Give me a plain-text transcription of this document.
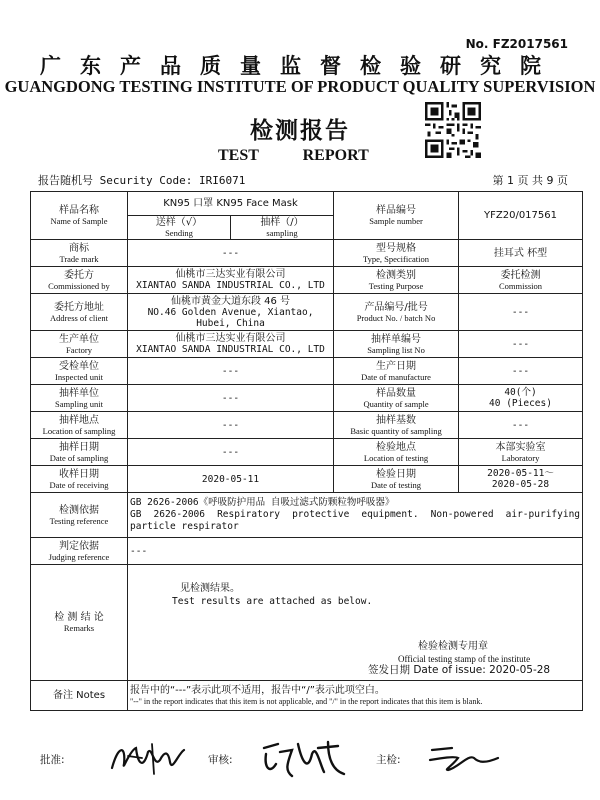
No. FZ2017561
广东产品质量监督检验研究院
GUANGDONG TESTING INSTITUTE OF PRODUCT QUALITY SUPERVISION
检测报告
TEST REPORT
报告随机号 Security Code: IRI6071	第 1 页 共 9 页
样品名称
Name of Sample	KN95 口罩 KN95 Face Mask		样品编号
Sample number	YFZ20/017561

	送样（√）
Sending	抽样（/）
sampling		

商标
Trade mark	---		型号规格
Type, Specification	挂耳式 杯型

委托方
Commissioned by	仙桃市三达实业有限公司
XIANTAO SANDA INDUSTRIAL CO., LTD		检测类别
Testing Purpose	委托检测
Commission

委托方地址
Address of client	仙桃市黄金大道东段 46 号
NO.46 Golden Avenue, Xiantao, Hubei, China		产品编号/批号
Product No. / batch No	---

生产单位
Factory	仙桃市三达实业有限公司
XIANTAO SANDA INDUSTRIAL CO., LTD		抽样单编号
Sampling list No	---

受检单位
Inspected unit	---		生产日期
Date of manufacture	---

抽样单位
Sampling unit	---		样品数量
Quantity of sample	40(个)
40 (Pieces)

抽样地点
Location of sampling	---		抽样基数
Basic quantity of sampling	---

抽样日期
Date of sampling	---		检验地点
Location of testing	本部实验室
Laboratory

收样日期
Date of receiving	2020-05-11		检验日期
Date of testing	2020-05-11～
2020-05-28

检测依据
Testing reference	GB 2626-2006《呼吸防护用品 自吸过滤式防颗粒物呼吸器》
GB 2626-2006 Respiratory protective equipment. Non-powered air-purifying particle respirator			

判定依据
Judging reference	---			

检 测 结 论
Remarks	见检测结果。
Test results are attached as below.
检验检测专用章
Official testing stamp of the institute
签发日期 Date of issue: 2020-05-28			

备注 Notes	报告中的“---”表示此项不适用，报告中“/”表示此项空白。
"--" in the report indicates that this item is not applicable, and "/" in the report indicates that this item is blank.			
批准:	审核:	主检:
